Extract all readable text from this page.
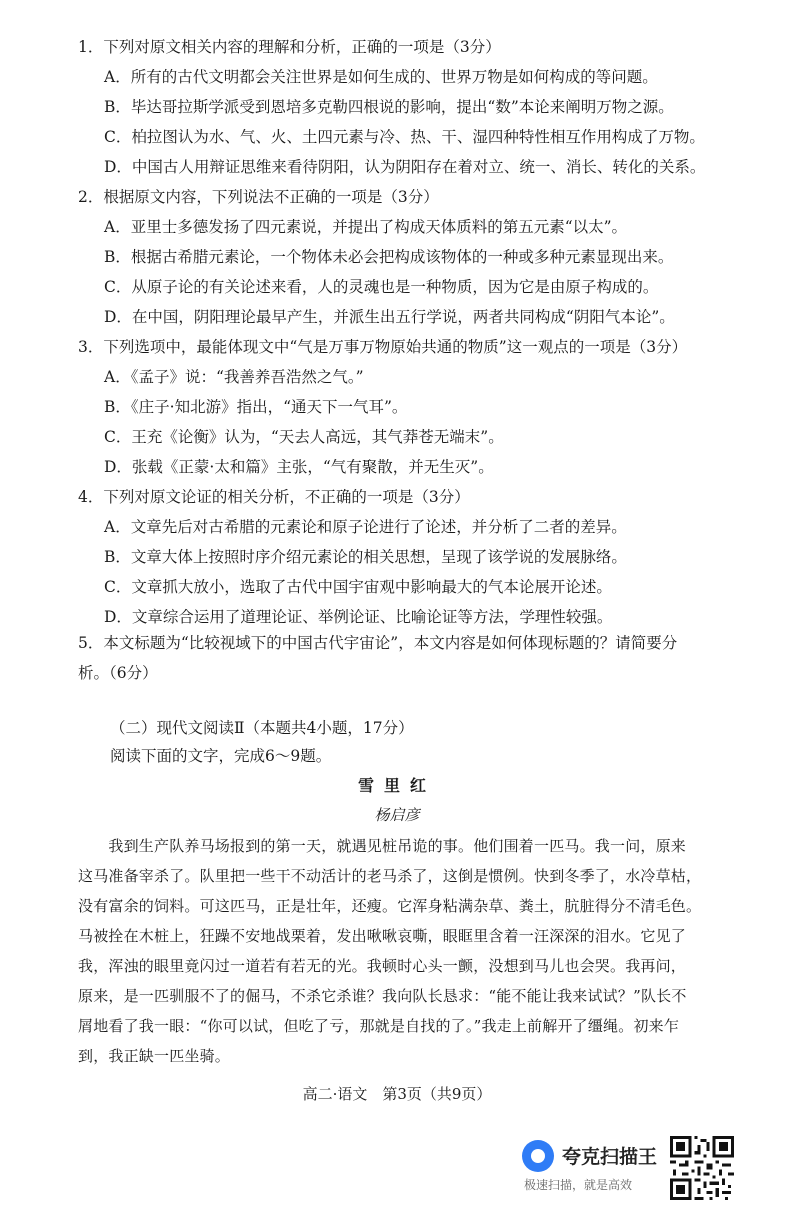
1．下列对原文相关内容的理解和分析，正确的一项是（3分）
A．所有的古代文明都会关注世界是如何生成的、世界万物是如何构成的等问题。
B．毕达哥拉斯学派受到恩培多克勒四根说的影响，提出“数”本论来阐明万物之源。
C．柏拉图认为水、气、火、土四元素与冷、热、干、湿四种特性相互作用构成了万物。
D．中国古人用辩证思维来看待阴阳，认为阴阳存在着对立、统一、消长、转化的关系。
2．根据原文内容，下列说法不正确的一项是（3分）
A．亚里士多德发扬了四元素说，并提出了构成天体质料的第五元素“以太”。
B．根据古希腊元素论，一个物体未必会把构成该物体的一种或多种元素显现出来。
C．从原子论的有关论述来看，人的灵魂也是一种物质，因为它是由原子构成的。
D．在中国，阴阳理论最早产生，并派生出五行学说，两者共同构成“阴阳气本论”。
3．下列选项中，最能体现文中“气是万事万物原始共通的物质”这一观点的一项是（3分）
A．《孟子》说：“我善养吾浩然之气。”
B．《庄子·知北游》指出，“通天下一气耳”。
C．王充《论衡》认为，“天去人高远，其气莽苍无端末”。
D．张载《正蒙·太和篇》主张，“气有聚散，并无生灭”。
4．下列对原文论证的相关分析，不正确的一项是（3分）
A．文章先后对古希腊的元素论和原子论进行了论述，并分析了二者的差异。
B．文章大体上按照时序介绍元素论的相关思想，呈现了该学说的发展脉络。
C．文章抓大放小，选取了古代中国宇宙观中影响最大的气本论展开论述。
D．文章综合运用了道理论证、举例论证、比喻论证等方法，学理性较强。
5．本文标题为“比较视域下的中国古代宇宙论”，本文内容是如何体现标题的？请简要分
析。（6分）
（二）现代文阅读Ⅱ（本题共4小题，17分）
阅读下面的文字，完成6～9题。
雪里红
杨启彦
　　我到生产队养马场报到的第一天，就遇见桩吊诡的事。他们围着一匹马。我一问，原来
这马准备宰杀了。队里把一些干不动活计的老马杀了，这倒是惯例。快到冬季了，水冷草枯，
没有富余的饲料。可这匹马，正是壮年，还瘦。它浑身粘满杂草、粪土，肮脏得分不清毛色。
马被拴在木桩上，狂躁不安地战栗着，发出啾啾哀嘶，眼眶里含着一汪深深的泪水。它见了
我，浑浊的眼里竟闪过一道若有若无的光。我顿时心头一颤，没想到马儿也会哭。我再问，
原来，是一匹驯服不了的倔马，不杀它杀谁？我向队长恳求：“能不能让我来试试？”队长不
屑地看了我一眼：“你可以试，但吃了亏，那就是自找的了。”我走上前解开了缰绳。初来乍
到，我正缺一匹坐骑。
高二·语文　第3页（共9页）
夸克扫描王
极速扫描，就是高效
